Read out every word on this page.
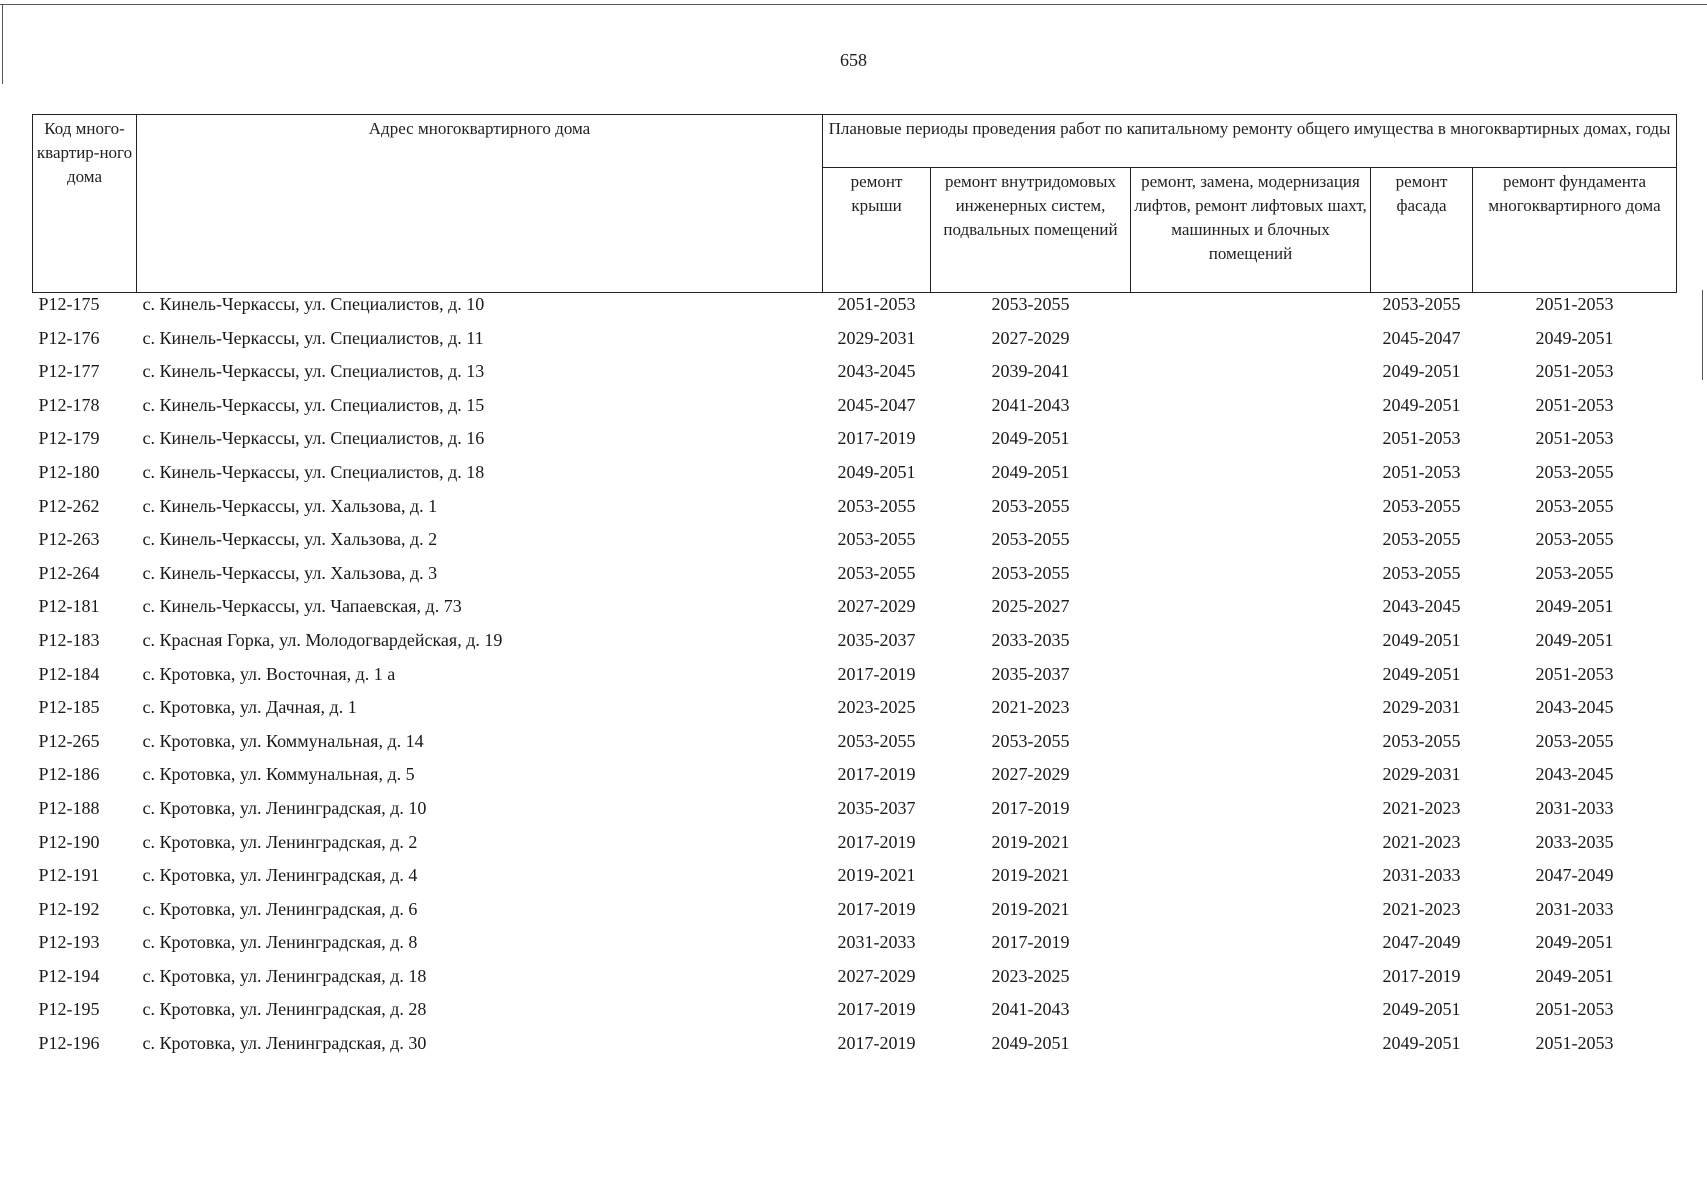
658
Код много-квартир-ного дома	Адрес многоквартирного дома	Плановые периоды проведения работ по капитальному ремонту общего имущества в многоквартирных домах, годы				
		ремонт крыши	ремонт внутридомовых инженерных систем, подвальных помещений	ремонт, замена, модернизация лифтов, ремонт лифтовых шахт, машинных и блочных помещений	ремонт фасада	ремонт фундамента многоквартирного дома
P12-175	с. Кинель-Черкассы, ул. Специалистов, д. 10	2051-2053	2053-2055		2053-2055	2051-2053
P12-176	с. Кинель-Черкассы, ул. Специалистов, д. 11	2029-2031	2027-2029		2045-2047	2049-2051
P12-177	с. Кинель-Черкассы, ул. Специалистов, д. 13	2043-2045	2039-2041		2049-2051	2051-2053
P12-178	с. Кинель-Черкассы, ул. Специалистов, д. 15	2045-2047	2041-2043		2049-2051	2051-2053
P12-179	с. Кинель-Черкассы, ул. Специалистов, д. 16	2017-2019	2049-2051		2051-2053	2051-2053
P12-180	с. Кинель-Черкассы, ул. Специалистов, д. 18	2049-2051	2049-2051		2051-2053	2053-2055
P12-262	с. Кинель-Черкассы, ул. Хальзова, д. 1	2053-2055	2053-2055		2053-2055	2053-2055
P12-263	с. Кинель-Черкассы, ул. Хальзова, д. 2	2053-2055	2053-2055		2053-2055	2053-2055
P12-264	с. Кинель-Черкассы, ул. Хальзова, д. 3	2053-2055	2053-2055		2053-2055	2053-2055
P12-181	с. Кинель-Черкассы, ул. Чапаевская, д. 73	2027-2029	2025-2027		2043-2045	2049-2051
P12-183	с. Красная Горка, ул. Молодогвардейская, д. 19	2035-2037	2033-2035		2049-2051	2049-2051
P12-184	с. Кротовка, ул. Восточная, д. 1 а	2017-2019	2035-2037		2049-2051	2051-2053
P12-185	с. Кротовка, ул. Дачная, д. 1	2023-2025	2021-2023		2029-2031	2043-2045
P12-265	с. Кротовка, ул. Коммунальная, д. 14	2053-2055	2053-2055		2053-2055	2053-2055
P12-186	с. Кротовка, ул. Коммунальная, д. 5	2017-2019	2027-2029		2029-2031	2043-2045
P12-188	с. Кротовка, ул. Ленинградская, д. 10	2035-2037	2017-2019		2021-2023	2031-2033
P12-190	с. Кротовка, ул. Ленинградская, д. 2	2017-2019	2019-2021		2021-2023	2033-2035
P12-191	с. Кротовка, ул. Ленинградская, д. 4	2019-2021	2019-2021		2031-2033	2047-2049
P12-192	с. Кротовка, ул. Ленинградская, д. 6	2017-2019	2019-2021		2021-2023	2031-2033
P12-193	с. Кротовка, ул. Ленинградская, д. 8	2031-2033	2017-2019		2047-2049	2049-2051
P12-194	с. Кротовка, ул. Ленинградская, д. 18	2027-2029	2023-2025		2017-2019	2049-2051
P12-195	с. Кротовка, ул. Ленинградская, д. 28	2017-2019	2041-2043		2049-2051	2051-2053
P12-196	с. Кротовка, ул. Ленинградская, д. 30	2017-2019	2049-2051		2049-2051	2051-2053
